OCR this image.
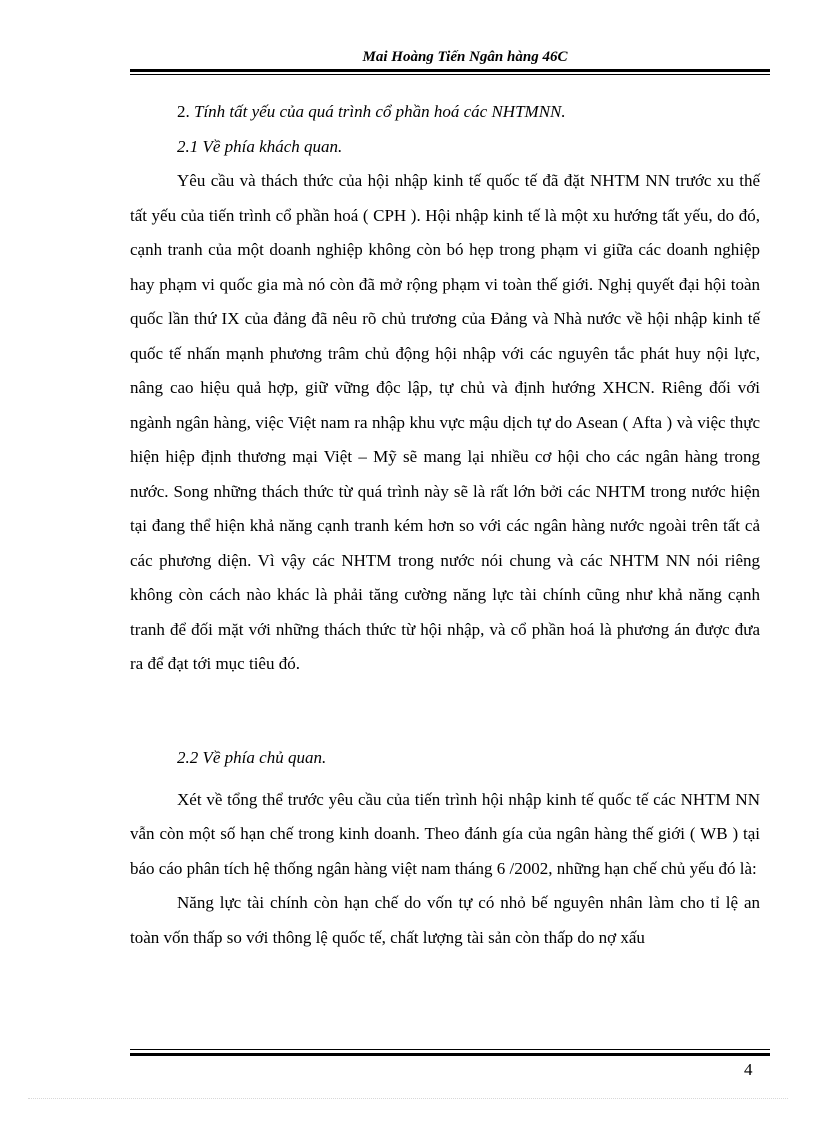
Mai Hoàng Tiến Ngân hàng 46C

2. Tính tất yếu của quá trình cổ phần hoá các NHTMNN.

2.1 Về phía khách quan.

Yêu cầu và thách thức của hội nhập kinh tế quốc tế đã đặt NHTM NN trước xu thế tất yếu của tiến trình cổ phần hoá ( CPH ). Hội nhập kinh tế là một xu hướng tất yếu, do đó, cạnh tranh của một doanh nghiệp không còn bó hẹp trong phạm vi giữa các doanh nghiệp hay phạm vi quốc gia mà nó còn đã mở rộng phạm vi toàn thế giới. Nghị quyết đại hội toàn quốc lần thứ IX của đảng đã nêu rõ chủ trương của Đảng và Nhà nước về hội nhập kinh tế quốc tế nhấn mạnh phương trâm chủ động hội nhập với các nguyên tắc phát huy nội lực, nâng cao hiệu quả hợp, giữ vững độc lập, tự chủ và định hướng XHCN. Riêng đối với ngành ngân hàng, việc Việt nam ra nhập khu vực mậu dịch tự do Asean ( Afta ) và việc thực hiện hiệp định thương mại Việt – Mỹ sẽ mang lại nhiều cơ hội cho các ngân hàng trong nước. Song những thách thức từ quá trình này sẽ là rất lớn bởi các NHTM trong nước hiện tại đang thể hiện khả năng cạnh tranh kém hơn so với các ngân hàng nước ngoài trên tất cả các phương diện. Vì vậy các NHTM trong nước nói chung và các NHTM NN nói riêng không còn cách nào khác là phải tăng cường năng lực tài chính cũng như khả năng cạnh tranh để đối mặt với những thách thức từ hội nhập, và cổ phần hoá là phương án được đưa ra để đạt tới mục tiêu đó.

2.2 Về phía chủ quan.

Xét về tổng thể trước yêu cầu của tiến trình hội nhập kinh tế quốc tế các NHTM NN vẫn còn một số hạn chế trong kinh doanh. Theo đánh gía của ngân hàng thế giới ( WB ) tại báo cáo phân tích hệ thống ngân hàng việt nam tháng 6 /2002, những hạn chế chủ yếu đó là:

Năng lực tài chính còn hạn chế do vốn tự có nhỏ bế nguyên nhân làm cho tỉ lệ an toàn vốn thấp so với thông lệ quốc tế, chất lượng tài sản còn thấp do nợ xấu

4
